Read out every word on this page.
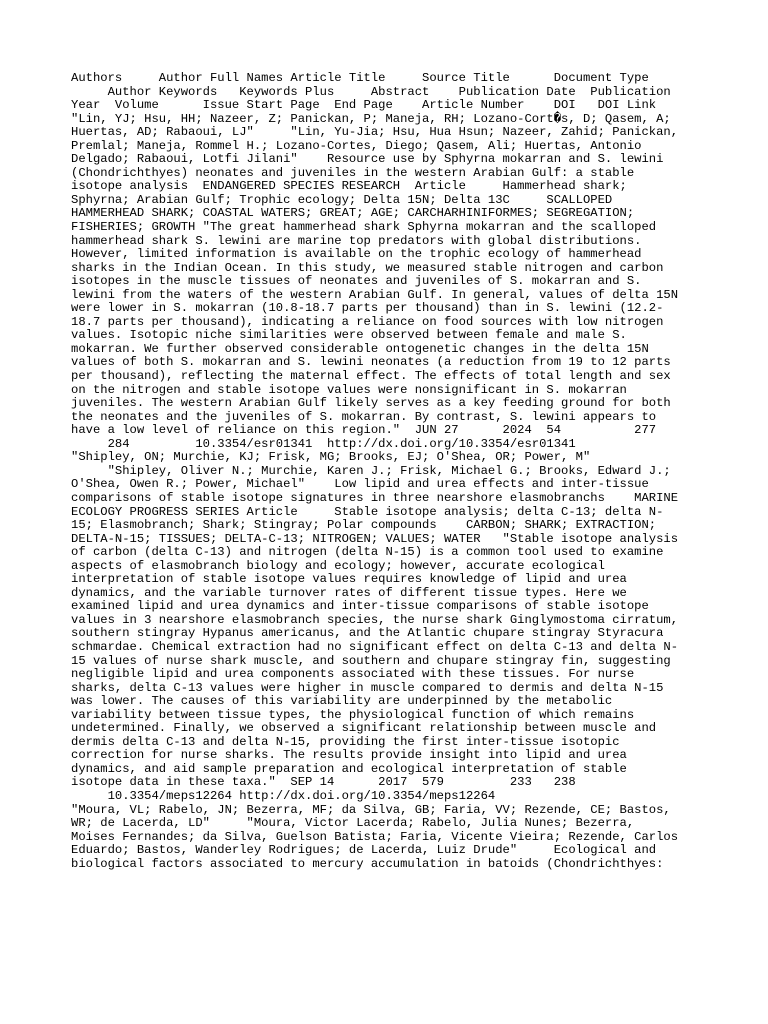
Authors     Author Full Names Article Title     Source Title      Document Type
Author Keywords   Keywords Plus     Abstract    Publication Date  Publication
Year  Volume      Issue Start Page  End Page    Article Number    DOI   DOI Link
"Lin, YJ; Hsu, HH; Nazeer, Z; Panickan, P; Maneja, RH; Lozano-Cort�s, D; Qasem, A;
Huertas, AD; Rabaoui, LJ"     "Lin, Yu-Jia; Hsu, Hua Hsun; Nazeer, Zahid; Panickan,
Premlal; Maneja, Rommel H.; Lozano-Cortes, Diego; Qasem, Ali; Huertas, Antonio
Delgado; Rabaoui, Lotfi Jilani"    Resource use by Sphyrna mokarran and S. lewini
(Chondrichthyes) neonates and juveniles in the western Arabian Gulf: a stable
isotope analysis  ENDANGERED SPECIES RESEARCH  Article     Hammerhead shark;
Sphyrna; Arabian Gulf; Trophic ecology; Delta 15N; Delta 13C     SCALLOPED
HAMMERHEAD SHARK; COASTAL WATERS; GREAT; AGE; CARCHARHINIFORMES; SEGREGATION;
FISHERIES; GROWTH "The great hammerhead shark Sphyrna mokarran and the scalloped
hammerhead shark S. lewini are marine top predators with global distributions.
However, limited information is available on the trophic ecology of hammerhead
sharks in the Indian Ocean. In this study, we measured stable nitrogen and carbon
isotopes in the muscle tissues of neonates and juveniles of S. mokarran and S.
lewini from the waters of the western Arabian Gulf. In general, values of delta 15N
were lower in S. mokarran (10.8-18.7 parts per thousand) than in S. lewini (12.2-
18.7 parts per thousand), indicating a reliance on food sources with low nitrogen
values. Isotopic niche similarities were observed between female and male S.
mokarran. We further observed considerable ontogenetic changes in the delta 15N
values of both S. mokarran and S. lewini neonates (a reduction from 19 to 12 parts
per thousand), reflecting the maternal effect. The effects of total length and sex
on the nitrogen and stable isotope values were nonsignificant in S. mokarran
juveniles. The western Arabian Gulf likely serves as a key feeding ground for both
the neonates and the juveniles of S. mokarran. By contrast, S. lewini appears to
have a low level of reliance on this region."  JUN 27      2024  54          277
284         10.3354/esr01341  http://dx.doi.org/10.3354/esr01341
"Shipley, ON; Murchie, KJ; Frisk, MG; Brooks, EJ; O'Shea, OR; Power, M"
"Shipley, Oliver N.; Murchie, Karen J.; Frisk, Michael G.; Brooks, Edward J.;
O'Shea, Owen R.; Power, Michael"    Low lipid and urea effects and inter-tissue
comparisons of stable isotope signatures in three nearshore elasmobranchs    MARINE
ECOLOGY PROGRESS SERIES Article     Stable isotope analysis; delta C-13; delta N-
15; Elasmobranch; Shark; Stingray; Polar compounds    CARBON; SHARK; EXTRACTION;
DELTA-N-15; TISSUES; DELTA-C-13; NITROGEN; VALUES; WATER   "Stable isotope analysis
of carbon (delta C-13) and nitrogen (delta N-15) is a common tool used to examine
aspects of elasmobranch biology and ecology; however, accurate ecological
interpretation of stable isotope values requires knowledge of lipid and urea
dynamics, and the variable turnover rates of different tissue types. Here we
examined lipid and urea dynamics and inter-tissue comparisons of stable isotope
values in 3 nearshore elasmobranch species, the nurse shark Ginglymostoma cirratum,
southern stingray Hypanus americanus, and the Atlantic chupare stingray Styracura
schmardae. Chemical extraction had no significant effect on delta C-13 and delta N-
15 values of nurse shark muscle, and southern and chupare stingray fin, suggesting
negligible lipid and urea components associated with these tissues. For nurse
sharks, delta C-13 values were higher in muscle compared to dermis and delta N-15
was lower. The causes of this variability are underpinned by the metabolic
variability between tissue types, the physiological function of which remains
undetermined. Finally, we observed a significant relationship between muscle and
dermis delta C-13 and delta N-15, providing the first inter-tissue isotopic
correction for nurse sharks. The results provide insight into lipid and urea
dynamics, and aid sample preparation and ecological interpretation of stable
isotope data in these taxa."  SEP 14      2017  579         233   238
10.3354/meps12264 http://dx.doi.org/10.3354/meps12264
"Moura, VL; Rabelo, JN; Bezerra, MF; da Silva, GB; Faria, VV; Rezende, CE; Bastos,
WR; de Lacerda, LD"     "Moura, Victor Lacerda; Rabelo, Julia Nunes; Bezerra,
Moises Fernandes; da Silva, Guelson Batista; Faria, Vicente Vieira; Rezende, Carlos
Eduardo; Bastos, Wanderley Rodrigues; de Lacerda, Luiz Drude"     Ecological and
biological factors associated to mercury accumulation in batoids (Chondrichthyes:
